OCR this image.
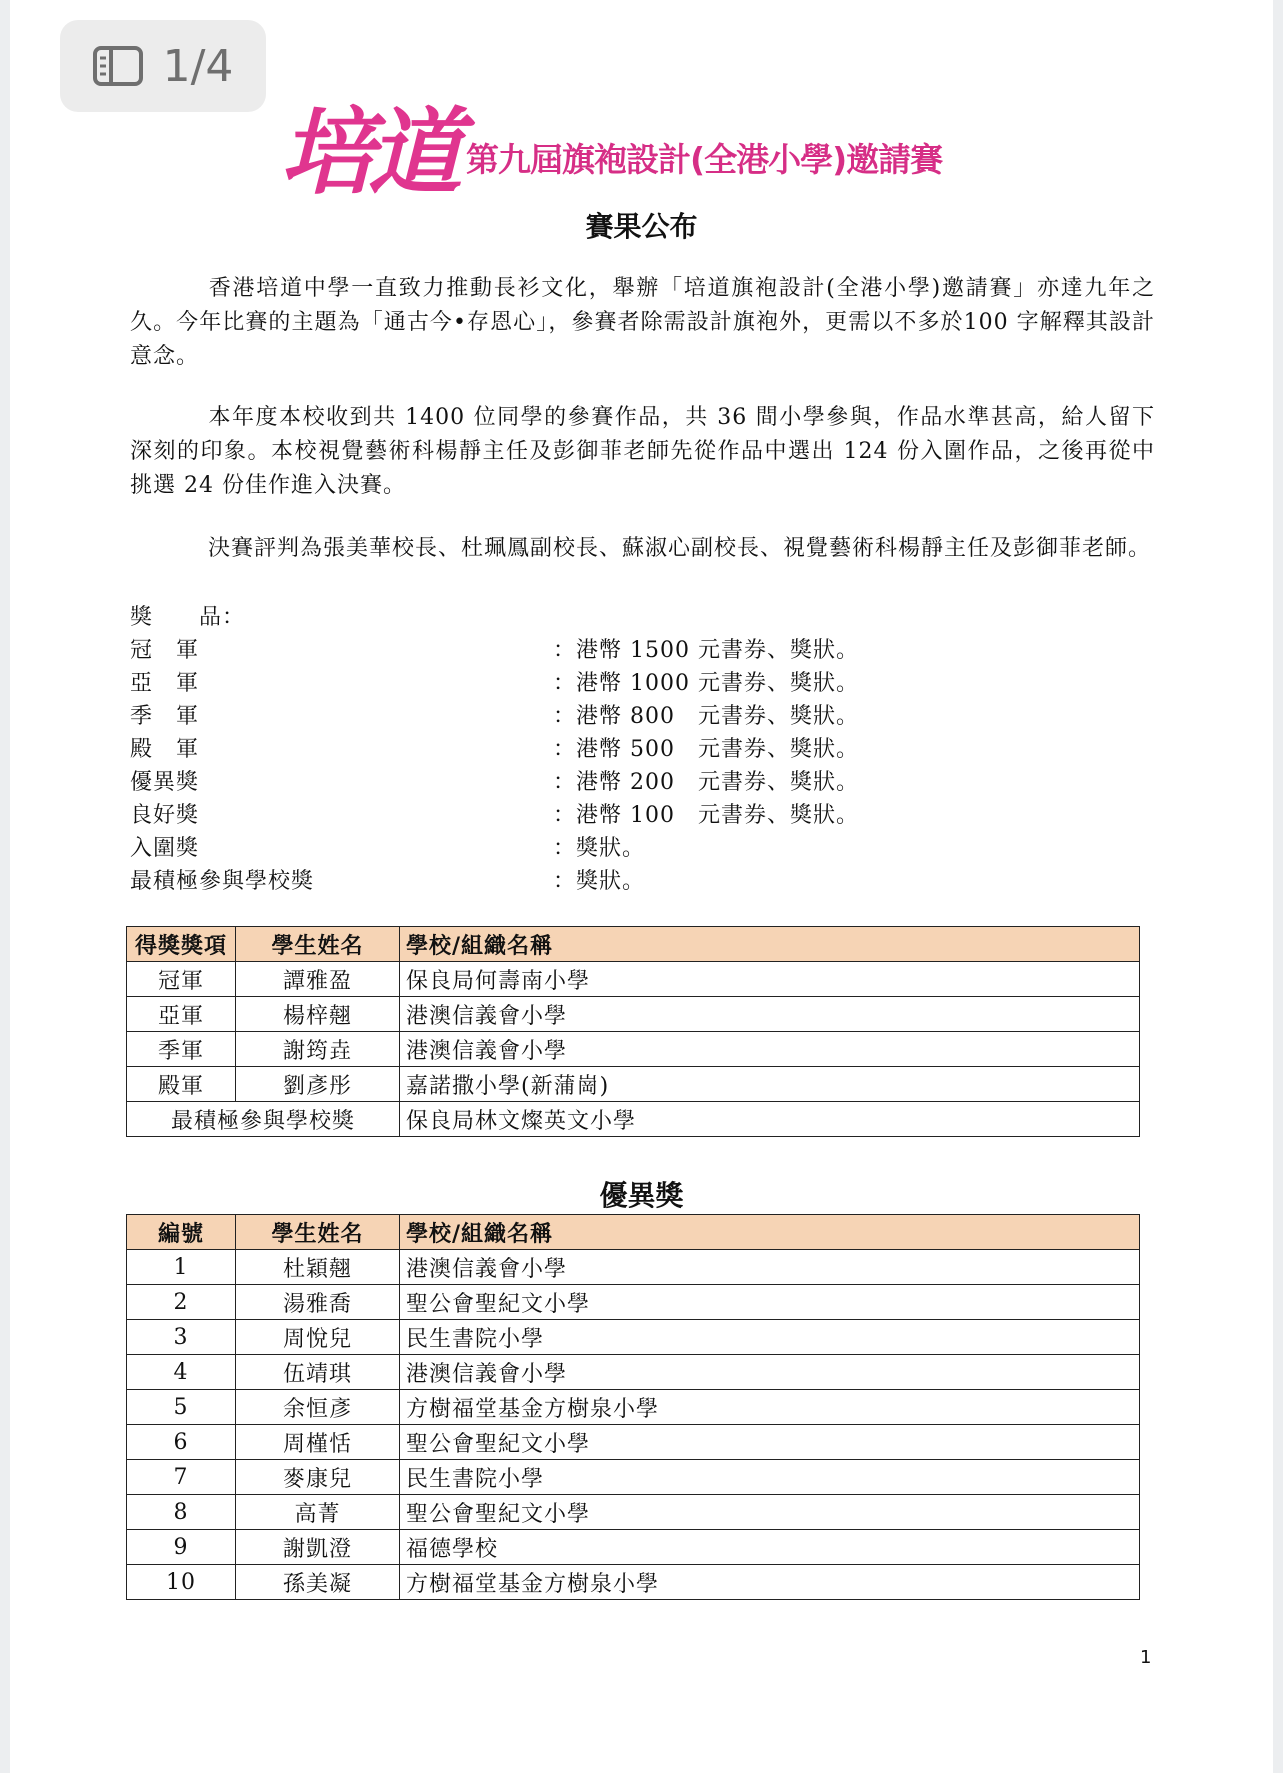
1/4
培道 第九屆旗袍設計(全港小學)邀請賽
賽果公布

香港培道中學一直致力推動長衫文化，舉辦「培道旗袍設計(全港小學)邀請賽」亦達九年之久。今年比賽的主題為「通古今•存恩心」，參賽者除需設計旗袍外，更需以不多於100 字解釋其設計意念。

本年度本校收到共 1400 位同學的參賽作品，共 36 間小學參與，作品水準甚高，給人留下深刻的印象。本校視覺藝術科楊靜主任及彭御菲老師先從作品中選出 124 份入圍作品，之後再從中挑選 24 份佳作進入決賽。

決賽評判為張美華校長、杜珮鳳副校長、蘇淑心副校長、視覺藝術科楊靜主任及彭御菲老師。

獎　　品：
冠　軍	：港幣 1500 元書券、獎狀。
亞　軍	：港幣 1000 元書券、獎狀。
季　軍	：港幣 800　元書券、獎狀。
殿　軍	：港幣 500　元書券、獎狀。
優異獎	：港幣 200　元書券、獎狀。
良好獎	：港幣 100　元書券、獎狀。
入圍獎	：獎狀。
最積極參與學校獎	：獎狀。
得獎獎項	學生姓名	學校/組織名稱
冠軍	譚雅盈	保良局何壽南小學
亞軍	楊梓翹	港澳信義會小學
季軍	謝筠垚	港澳信義會小學
殿軍	劉彥彤	嘉諾撒小學(新蒲崗)
最積極參與學校獎		保良局林文燦英文小學
優異獎
編號	學生姓名	學校/組織名稱
1	杜穎翹	港澳信義會小學
2	湯雅喬	聖公會聖紀文小學
3	周悅兒	民生書院小學
4	伍靖琪	港澳信義會小學
5	余恒彥	方樹福堂基金方樹泉小學
6	周槿恬	聖公會聖紀文小學
7	麥康兒	民生書院小學
8	高菁	聖公會聖紀文小學
9	謝凱澄	福德學校
10	孫美凝	方樹福堂基金方樹泉小學
1
